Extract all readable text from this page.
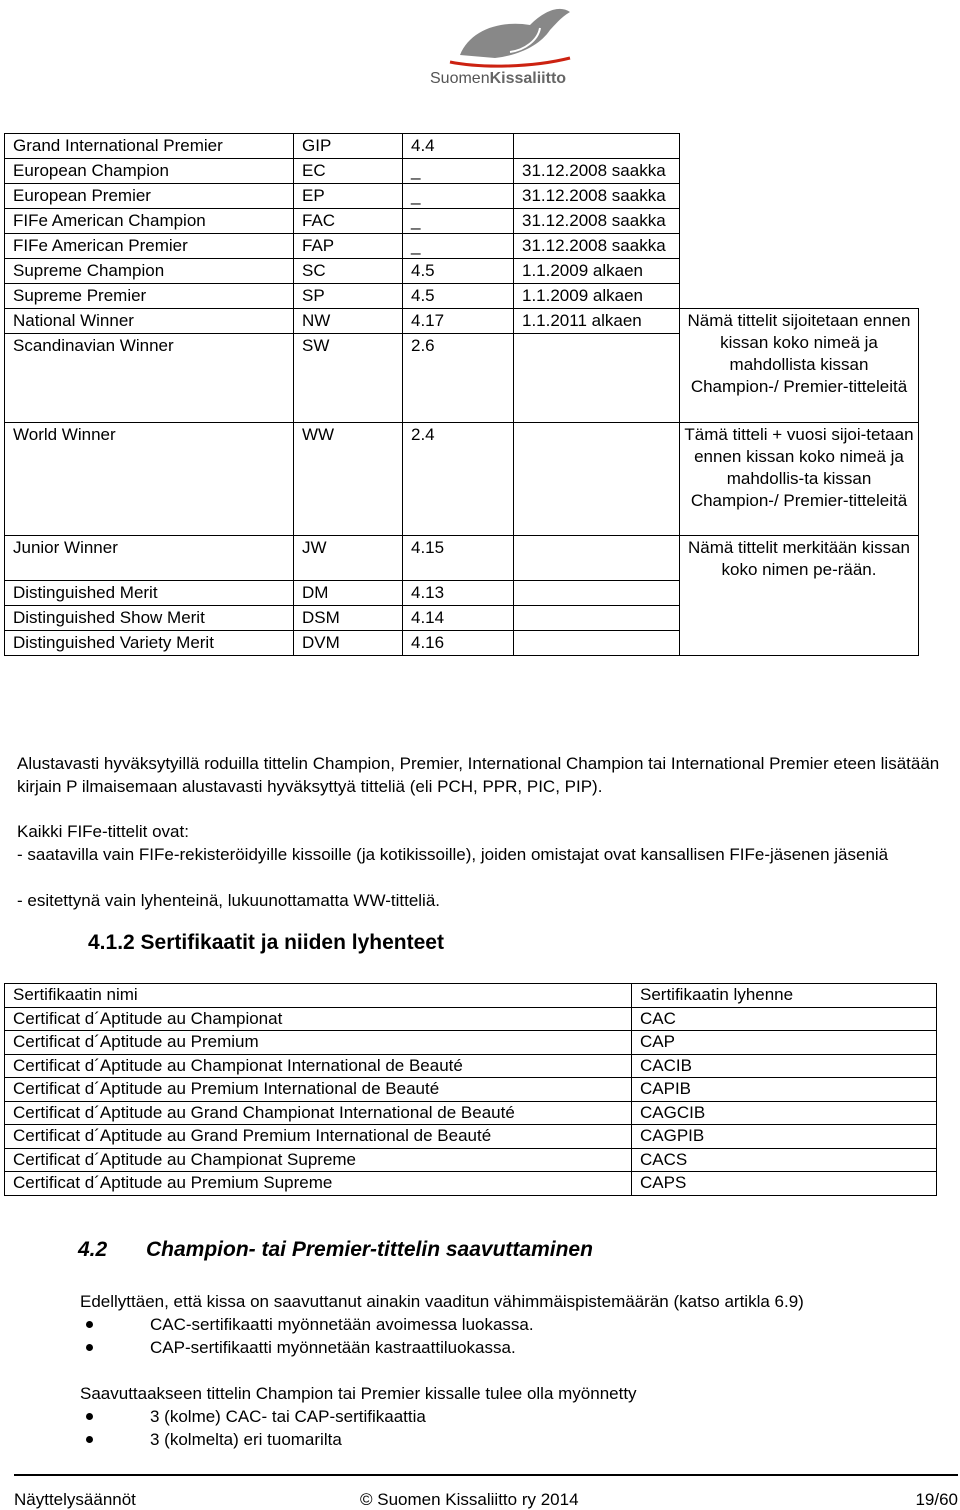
SuomenKissaliitto
Grand International Premier	GIP	4.4		
European Champion	EC	_	31.12.2008 saakka	
European Premier	EP	_	31.12.2008 saakka	
FIFe American Champion	FAC	_	31.12.2008 saakka	
FIFe American Premier	FAP	_	31.12.2008 saakka	
Supreme Champion	SC	4.5	1.1.2009 alkaen	
Supreme Premier	SP	4.5	1.1.2009 alkaen	
National Winner	NW	4.17	1.1.2011 alkaen	Nämä tittelit sijoitetaan ennen kissan koko nimeä ja mahdollista kissan Champion-/ Premier-titteleitä
Scandinavian Winner	SW	2.6		
World Winner	WW	2.4		Tämä titteli + vuosi sijoi-tetaan ennen kissan koko nimeä ja mahdollis-ta kissan Champion-/ Premier-titteleitä
Junior Winner	JW	4.15		Nämä tittelit merkitään kissan koko nimen pe-rään.
Distinguished Merit	DM	4.13		
Distinguished Show Merit	DSM	4.14		
Distinguished Variety Merit	DVM	4.16		
Alustavasti hyväksytyillä roduilla tittelin Champion, Premier, International Champion tai International Premier eteen lisätään kirjain P ilmaisemaan alustavasti hyväksyttyä titteliä (eli PCH, PPR, PIC, PIP).
Kaikki FIFe-tittelit ovat:
- saatavilla vain FIFe-rekisteröidyille kissoille (ja kotikissoille), joiden omistajat ovat kansallisen FIFe-jäsenen jäseniä
- esitettynä vain lyhenteinä, lukuunottamatta WW-titteliä.
4.1.2 Sertifikaatit ja niiden lyhenteet
Sertifikaatin nimi	Sertifikaatin lyhenne
Certificat d´Aptitude au Championat	CAC
Certificat d´Aptitude au Premium	CAP
Certificat d´Aptitude au Championat International de Beauté	CACIB
Certificat d´Aptitude au Premium International de Beauté	CAPIB
Certificat d´Aptitude au Grand Championat International de Beauté	CAGCIB
Certificat d´Aptitude au Grand Premium International de Beauté	CAGPIB
Certificat d´Aptitude au Championat Supreme	CACS
Certificat d´Aptitude au Premium Supreme	CAPS
4.2 Champion- tai Premier-tittelin saavuttaminen
Edellyttäen, että kissa on saavuttanut ainakin vaaditun vähimmäispistemäärän (katso artikla 6.9)
CAC-sertifikaatti myönnetään avoimessa luokassa.
CAP-sertifikaatti myönnetään kastraattiluokassa.
Saavuttaakseen tittelin Champion tai Premier kissalle tulee olla myönnetty
3 (kolme) CAC- tai CAP-sertifikaattia
3 (kolmelta) eri tuomarilta
Näyttelysäännöt	© Suomen Kissaliitto ry 2014	19/60
